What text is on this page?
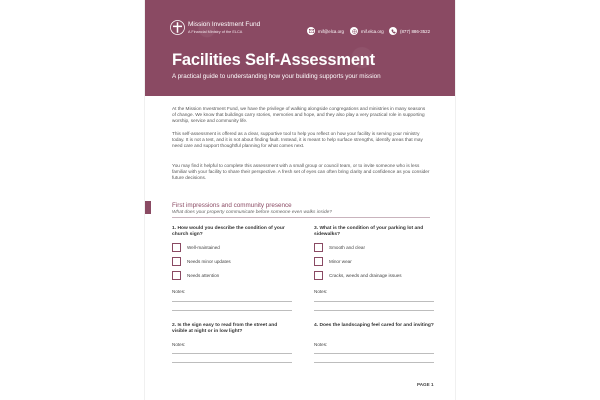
Mission Investment Fund
A Financial Ministry of the ELCA	mif@elca.org	mif.elca.org	(877) 886-3522
Facilities Self-Assessment
A practical guide to understanding how your building supports your mission

At the Mission Investment Fund, we have the privilege of walking alongside congregations and ministries in many seasons of change. We know that buildings carry stories, memories and hope, and they also play a very practical role in supporting worship, service and community life.

This self-assessment is offered as a clear, supportive tool to help you reflect on how your facility is serving your ministry today. It is not a test, and it is not about finding fault. Instead, it is meant to help surface strengths, identify areas that may need care and support thoughtful planning for what comes next.

You may find it helpful to complete this assessment with a small group or council team, or to invite someone who is less familiar with your facility to share their perspective. A fresh set of eyes can often bring clarity and confidence as you consider future decisions.

First impressions and community presence
What does your property communicate before someone even walks inside?
1. How would you describe the condition of your church sign?
Well-maintained
Needs minor updates
Needs attention
Notes:
3. What is the condition of your parking lot and sidewalks?
Smooth and clear
Minor wear
Cracks, weeds and drainage issues
Notes:
2. Is the sign easy to read from the street and visible at night or in low light?
Notes:
4. Does the landscaping feel cared for and inviting?
Notes:
PAGE 1
